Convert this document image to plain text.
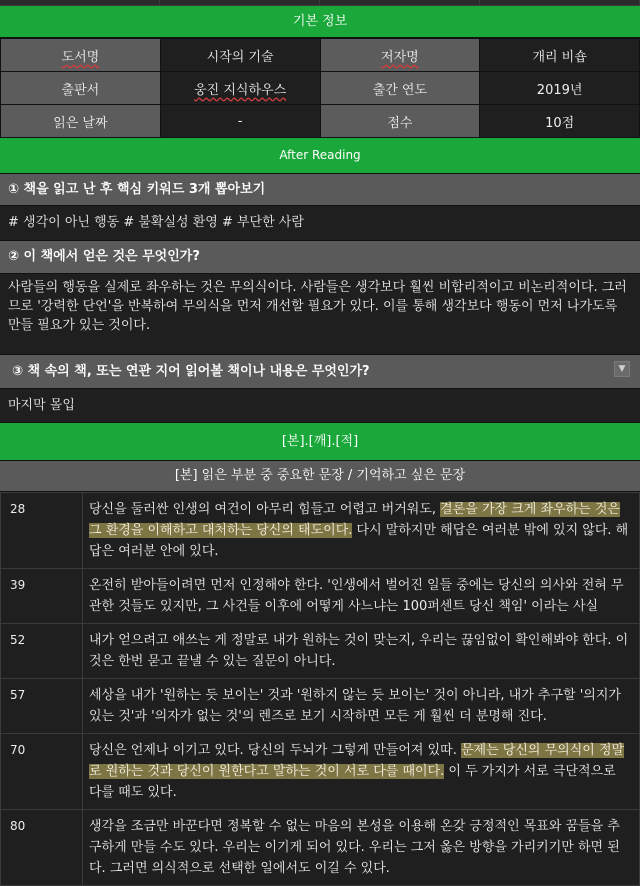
기본 정보
도서명	시작의 기술	저자명	개리 비숍
출판서	웅진 지식하우스	출간 연도	2019년
읽은 날짜	-	점수	10점
After Reading
① 책을 읽고 난 후 핵심 키워드 3개 뽑아보기
# 생각이 아닌 행동 # 불확실성 환영 # 부단한 사람
② 이 책에서 얻은 것은 무엇인가?
사람들의 행동을 실제로 좌우하는 것은 무의식이다. 사람들은 생각보다 훨씬 비합리적이고 비논리적이다. 그러므로 '강력한 단언'을 반복하여 무의식을 먼저 개선할 필요가 있다. 이를 통해 생각보다 행동이 먼저 나가도록 만들 필요가 있는 것이다.
③ 책 속의 책, 또는 연관 지어 읽어볼 책이나 내용은 무엇인가?	▼
마지막 몰입
[본].[깨].[적]
[본] 읽은 부분 중 중요한 문장 / 기억하고 싶은 문장
28	당신을 둘러싼 인생의 여건이 아무리 힘들고 어렵고 버거워도, 결론을 가장 크게 좌우하는 것은 그 환경을 이해하고 대처하는 당신의 태도이다. 다시 말하지만 해답은 여러분 밖에 있지 않다. 해답은 여러분 안에 있다.
39	온전히 받아들이려면 먼저 인정해야 한다. '인생에서 벌어진 일들 중에는 당신의 의사와 전혀 무관한 것들도 있지만, 그 사건들 이후에 어떻게 사느냐는 100퍼센트 당신 책임' 이라는 사실
52	내가 얻으려고 애쓰는 게 정말로 내가 원하는 것이 맞는지, 우리는 끊임없이 확인해봐야 한다. 이것은 한번 묻고 끝낼 수 있는 질문이 아니다.
57	세상을 내가 '원하는 듯 보이는' 것과 '원하지 않는 듯 보이는' 것이 아니라, 내가 추구할 '의지가 있는 것'과 '의자가 없는 것'의 렌즈로 보기 시작하면 모든 게 훨씬 더 분명해 진다.
70	당신은 언제나 이기고 있다. 당신의 두뇌가 그렇게 만들어져 있따. 문제는 당신의 무의식이 정말로 원하는 것과 당신이 원한다고 말하는 것이 서로 다를 때이다. 이 두 가지가 서로 극단적으로 다를 때도 있다.
80	생각을 조금만 바꾼다면 정복할 수 없는 마음의 본성을 이용해 온갖 긍정적인 목표와 꿈들을 추구하게 만들 수도 있다. 우리는 이기게 되어 있다. 우리는 그저 옳은 방향을 가리키기만 하면 된다. 그러면 의식적으로 선택한 일에서도 이길 수 있다.
